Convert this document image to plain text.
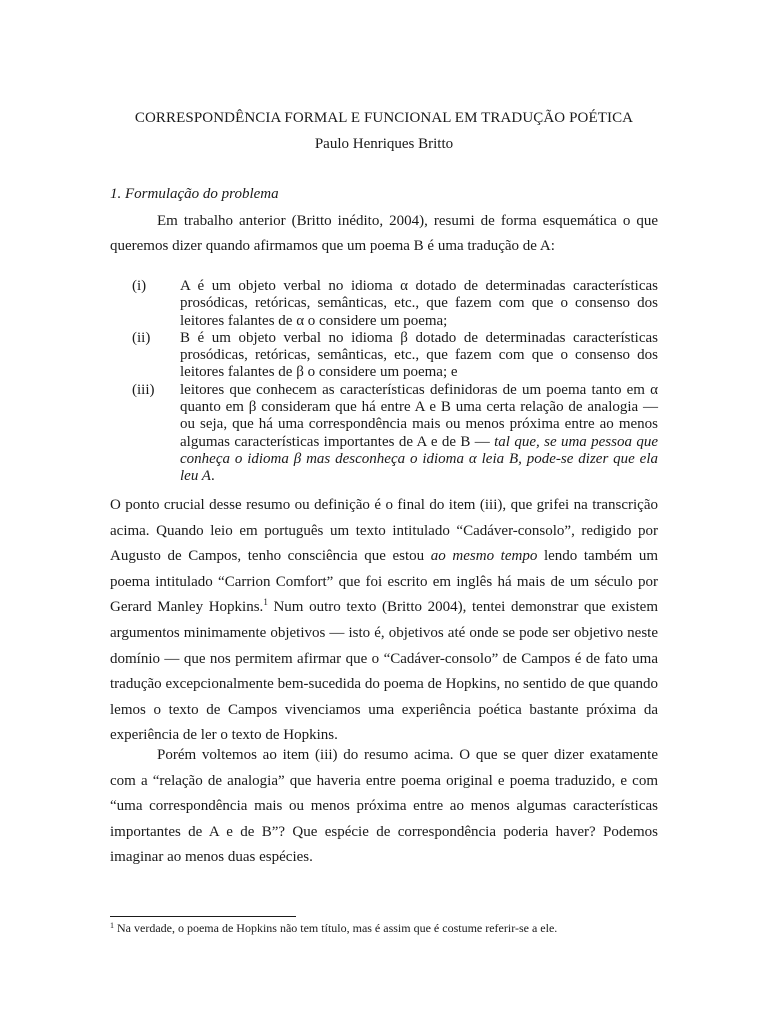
CORRESPONDÊNCIA FORMAL E FUNCIONAL EM TRADUÇÃO POÉTICA
Paulo Henriques Britto
1. Formulação do problema

Em trabalho anterior (Britto inédito, 2004), resumi de forma esquemática o que queremos dizer quando afirmamos que um poema B é uma tradução de A:

(i)	A é um objeto verbal no idioma α dotado de determinadas características prosódicas, retóricas, semânticas, etc., que fazem com que o consenso dos leitores falantes de α o considere um poema;
(ii)	B é um objeto verbal no idioma β dotado de determinadas características prosódicas, retóricas, semânticas, etc., que fazem com que o consenso dos leitores falantes de β o considere um poema; e
(iii)	leitores que conhecem as características definidoras de um poema tanto em α quanto em β consideram que há entre A e B uma certa relação de analogia — ou seja, que há uma correspondência mais ou menos próxima entre ao menos algumas características importantes de A e de B — tal que, se uma pessoa que conheça o idioma β mas desconheça o idioma α leia B, pode-se dizer que ela leu A.

O ponto crucial desse resumo ou definição é o final do item (iii), que grifei na transcrição acima. Quando leio em português um texto intitulado “Cadáver-consolo”, redigido por Augusto de Campos, tenho consciência que estou ao mesmo tempo lendo também um poema intitulado “Carrion Comfort” que foi escrito em inglês há mais de um século por Gerard Manley Hopkins.$^1$ Num outro texto (Britto 2004), tentei demonstrar que existem argumentos minimamente objetivos — isto é, objetivos até onde se pode ser objetivo neste domínio — que nos permitem afirmar que o “Cadáver-consolo” de Campos é de fato uma tradução excepcionalmente bem-sucedida do poema de Hopkins, no sentido de que quando lemos o texto de Campos vivenciamos uma experiência poética bastante próxima da experiência de ler o texto de Hopkins.

Porém voltemos ao item (iii) do resumo acima. O que se quer dizer exatamente com a “relação de analogia” que haveria entre poema original e poema traduzido, e com “uma correspondência mais ou menos próxima entre ao menos algumas características importantes de A e de B”? Que espécie de correspondência poderia haver? Podemos imaginar ao menos duas espécies.

$^1$ Na verdade, o poema de Hopkins não tem título, mas é assim que é costume referir-se a ele.
